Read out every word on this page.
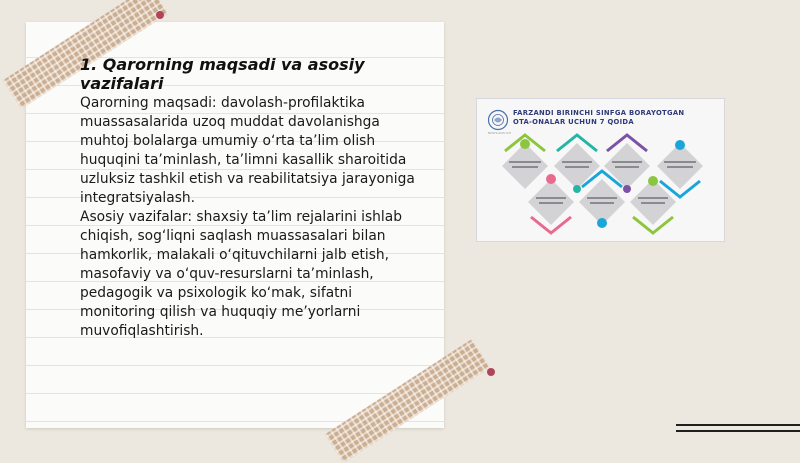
1. Qarorning maqsadi va asosiy vazifalari

Qarorning maqsadi: davolash-profilaktika muassasalarida uzoq muddat davolanishga muhtoj bolalarga umumiy o‘rta ta’lim olish huquqini ta’minlash, ta’limni kasallik sharoitida uzluksiz tashkil etish va reabilitatsiya jarayoniga integratsiyalash.

Asosiy vazifalar: shaxsiy ta’lim rejalarini ishlab chiqish, sog‘liqni saqlash muassasalari bilan hamkorlik, malakali o‘qituvchilarni jalb etish, masofaviy va o‘quv-resurslarni ta’minlash, pedagogik va psixologik ko‘mak, sifatni monitoring qilish va huquqiy me’yorlarni muvofiqlashtirish.

BOSHLANG‘ICH
FARZANDI BIRINCHI SINFGA BORAYOTGAN
OTA-ONALAR UCHUN 7 QOIDA
